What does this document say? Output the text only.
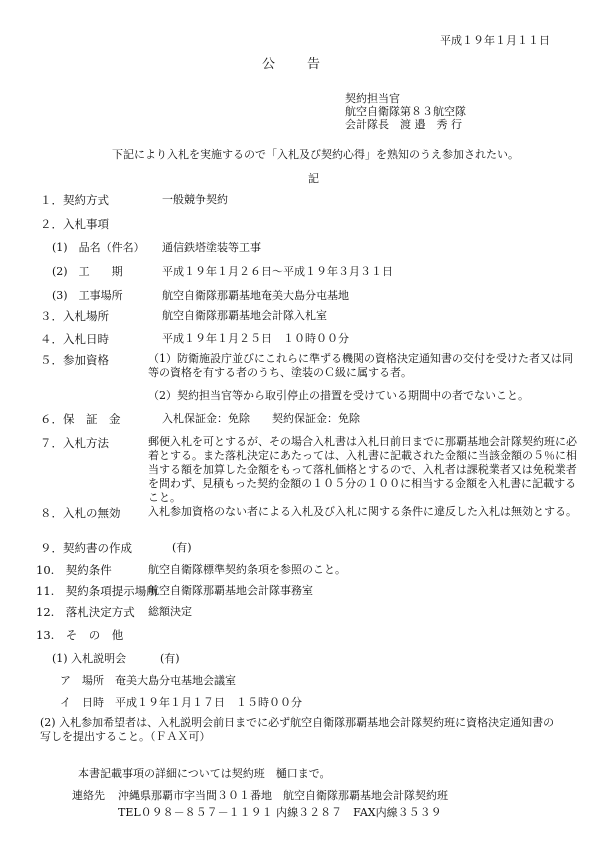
平成１９年１月１１日
公　　告
契約担当官
航空自衛隊第８３航空隊
会計隊長　渡 邉　秀 行
下記により入札を実施するので「入札及び契約心得」を熟知のうえ参加されたい。
記
１．契約方式	一般競争契約
２．入札事項
(1)　品名（件名） 通信鉄塔塗装等工事
(2)　工　　期	平成１９年１月２６日～平成１９年３月３１日
(3)　工事場所	航空自衛隊那覇基地奄美大島分屯基地
３．入札場所	航空自衛隊那覇基地会計隊入札室
４．入札日時	平成１９年１月２５日　１０時００分
５．参加資格	（1）防衛施設庁並びにこれらに準ずる機関の資格決定通知書の交付を受けた者又は同等の資格を有する者のうち、塗装のＣ級に属する者。
（2）契約担当官等から取引停止の措置を受けている期間中の者でないこと。
６．保　証　金	入札保証金：免除　　契約保証金：免除
７．入札方法	郵便入札を可とするが、その場合入札書は入札日前日までに那覇基地会計隊契約班に必着とする。また落札決定にあたっては、入札書に記載された金額に当該金額の５％に相当する額を加算した金額をもって落札価格とするので、入札者は課税業者又は免税業者を問わず、見積もった契約金額の１０５分の１００に相当する金額を入札書に記載すること。
８．入札の無効	入札参加資格のない者による入札及び入札に関する条件に違反した入札は無効とする。
９．契約書の作成	(有)
10.　契約条件	航空自衛隊標準契約条項を参照のこと。
11.　契約条項提示場所
航空自衛隊那覇基地会計隊事務室
12.　落札決定方式 総額決定
13.　そ　の　他
(1) 入札説明会	(有)
ア　場所　奄美大島分屯基地会議室
イ　日時　平成１９年１月１７日　１５時００分
(2) 入札参加希望者は、入札説明会前日までに必ず航空自衛隊那覇基地会計隊契約班に資格決定通知書の写しを提出すること。（ＦＡＸ可）
本書記載事項の詳細については契約班　樋口まで。
連絡先 沖縄県那覇市字当間３０１番地　航空自衛隊那覇基地会計隊契約班
TEL０９８－８５７－１１９１ 内線３２８７　FAX内線３５３９
